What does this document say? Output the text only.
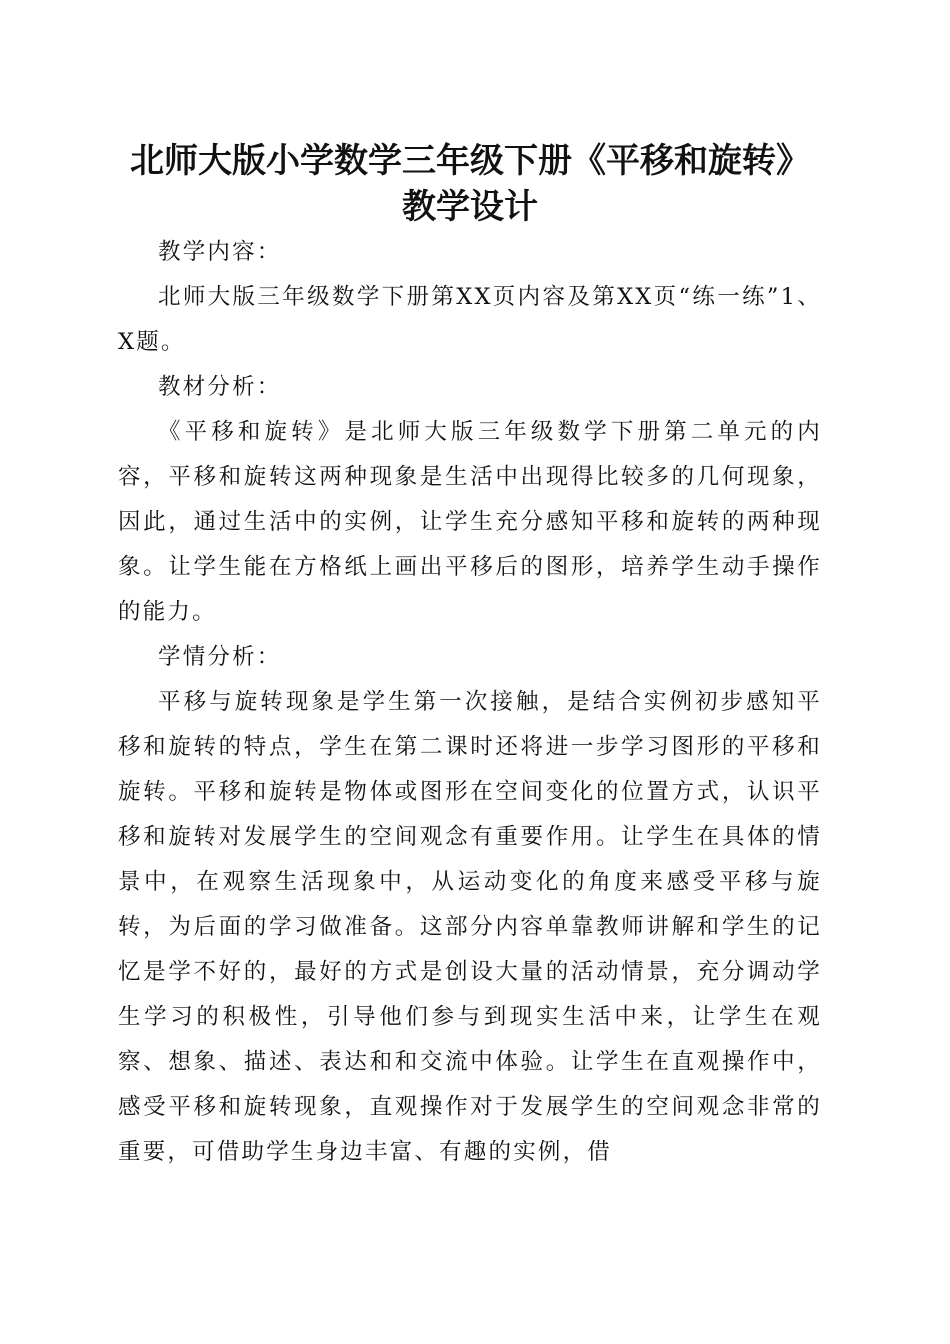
北师大版小学数学三年级下册《平移和旋转》
教学设计

教学内容：

北师大版三年级数学下册第XX页内容及第XX页“练一练”1、X题。

教材分析：

《平移和旋转》是北师大版三年级数学下册第二单元的内容，平移和旋转这两种现象是生活中出现得比较多的几何现象，因此，通过生活中的实例，让学生充分感知平移和旋转的两种现象。让学生能在方格纸上画出平移后的图形，培养学生动手操作的能力。

学情分析：

平移与旋转现象是学生第一次接触，是结合实例初步感知平移和旋转的特点，学生在第二课时还将进一步学习图形的平移和旋转。平移和旋转是物体或图形在空间变化的位置方式，认识平移和旋转对发展学生的空间观念有重要作用。让学生在具体的情景中，在观察生活现象中，从运动变化的角度来感受平移与旋转，为后面的学习做准备。这部分内容单靠教师讲解和学生的记忆是学不好的，最好的方式是创设大量的活动情景，充分调动学生学习的积极性，引导他们参与到现实生活中来，让学生在观察、想象、描述、表达和和交流中体验。让学生在直观操作中，感受平移和旋转现象，直观操作对于发展学生的空间观念非常的重要，可借助学生身边丰富、有趣的实例，借
